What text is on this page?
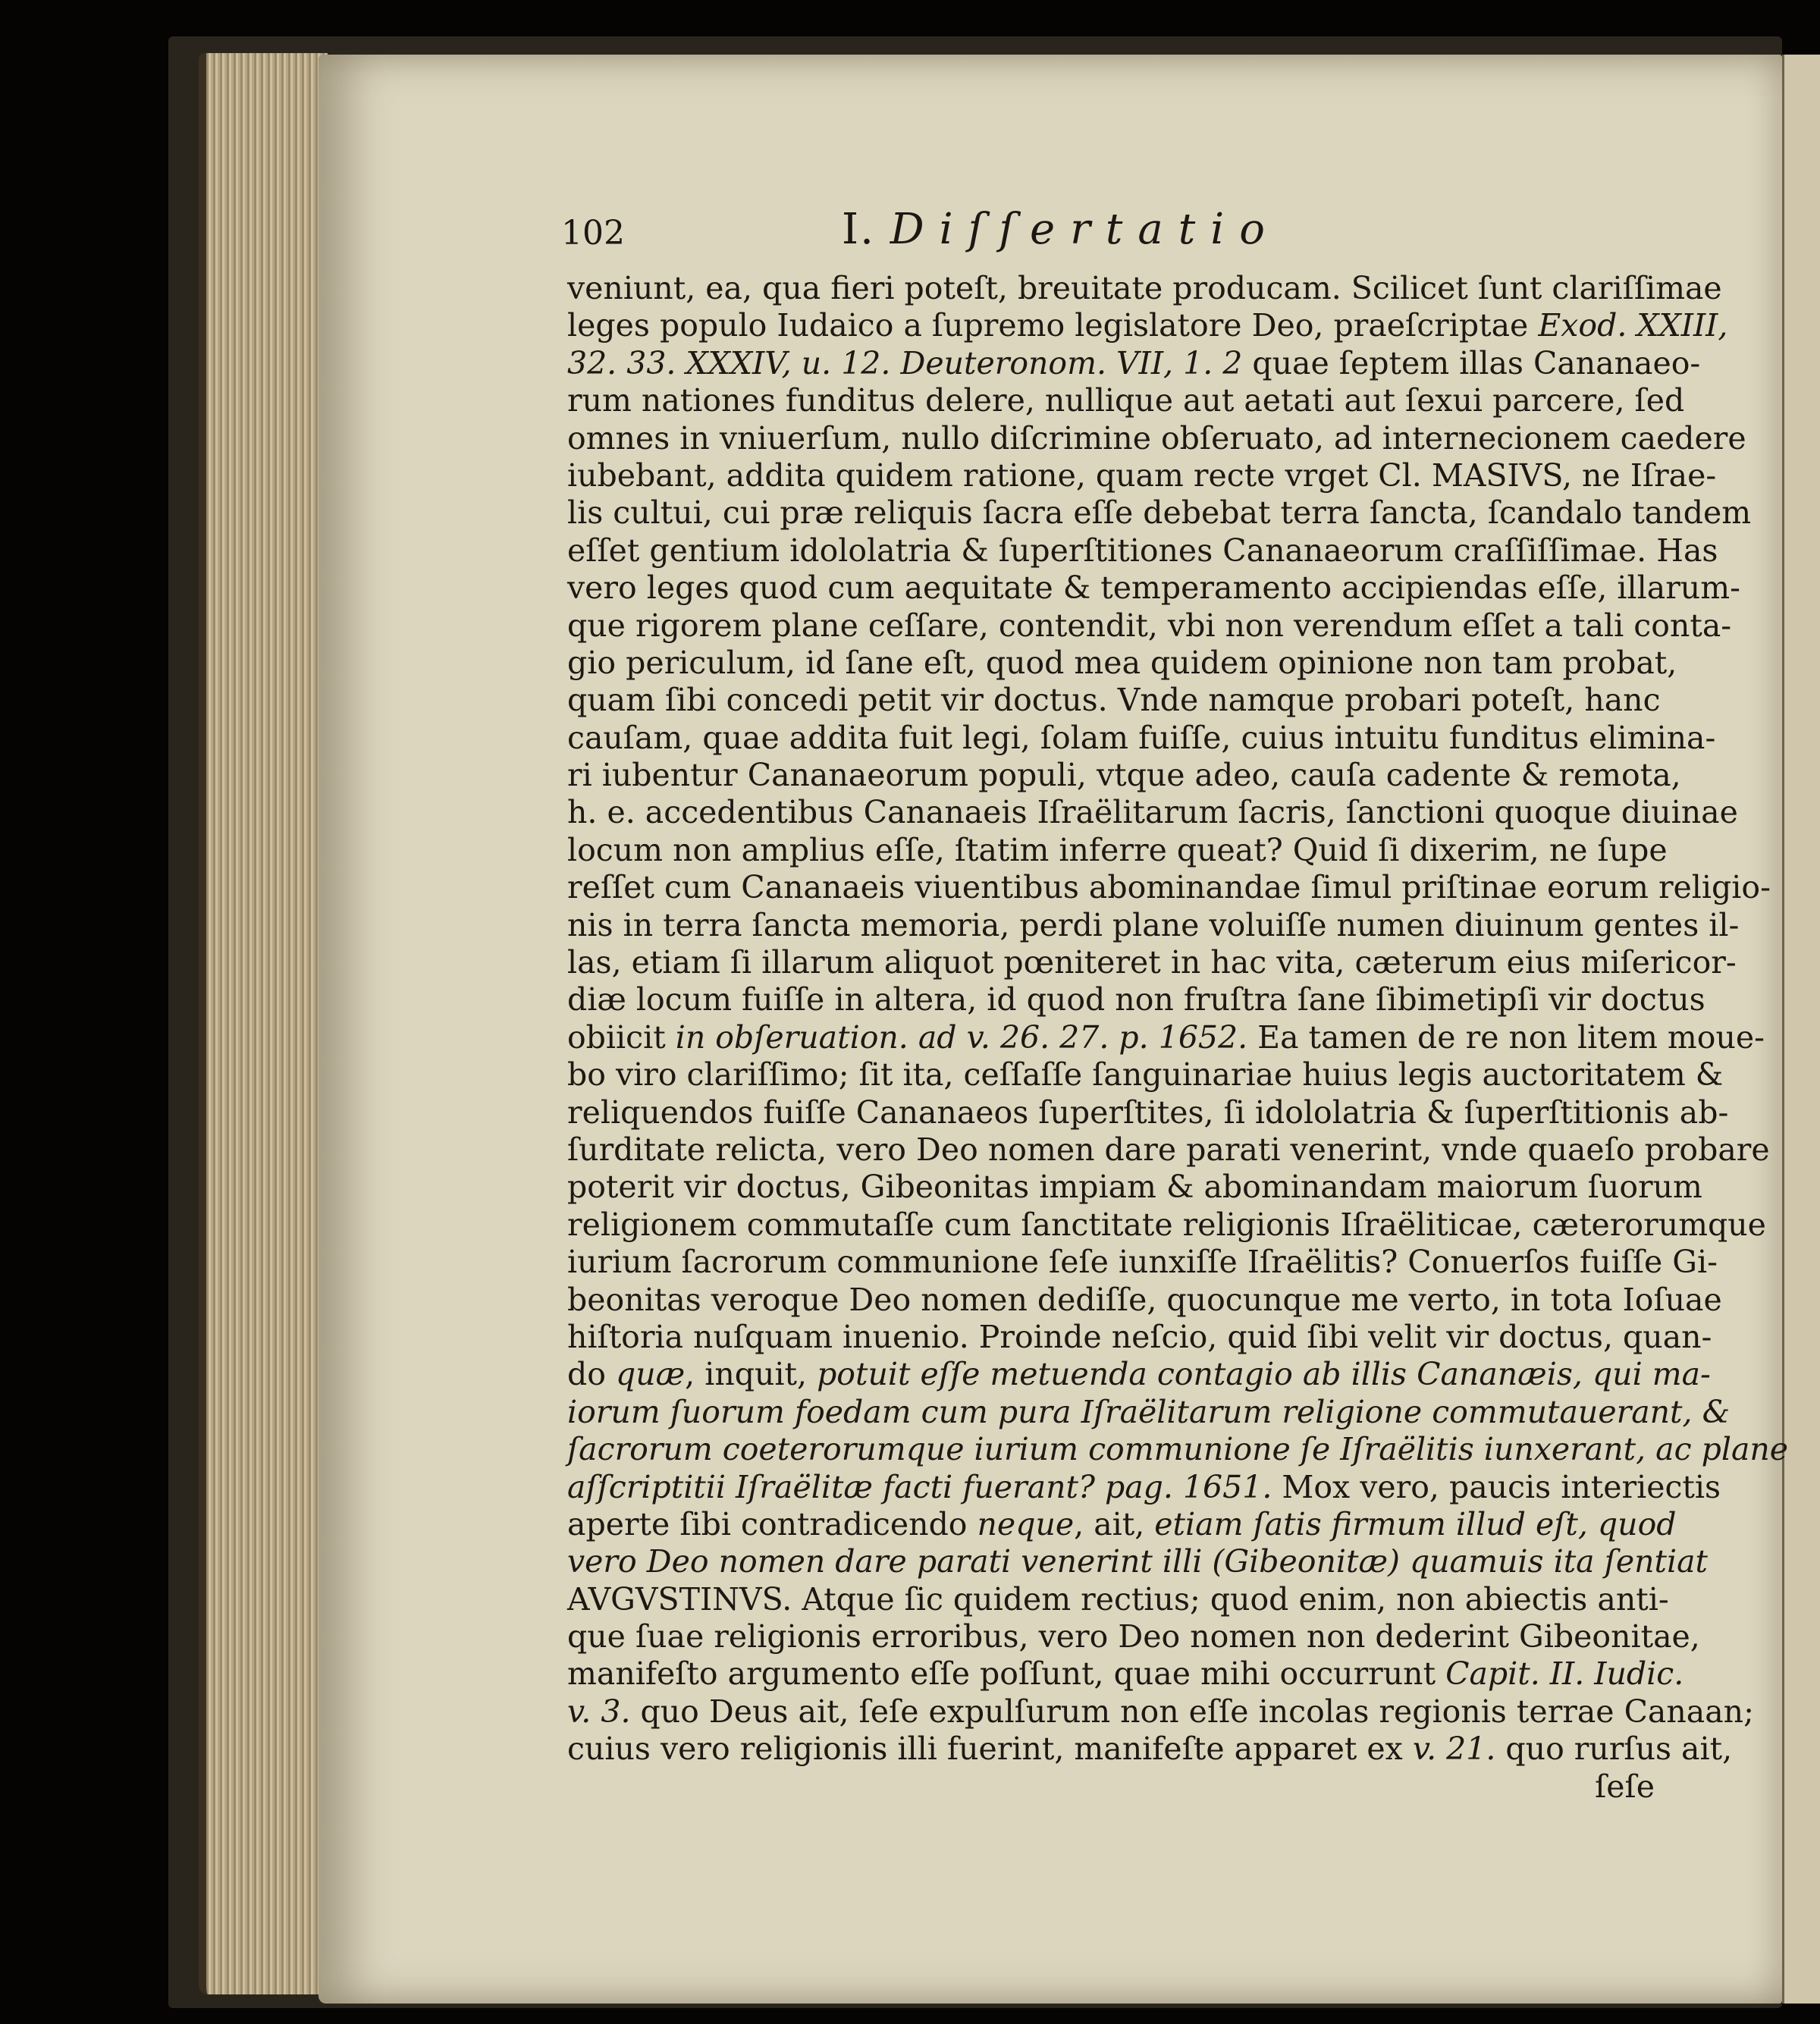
102	I. Diſſertatio
veniunt, ea, qua fieri poteſt, breuitate producam. Scilicet ſunt clariſſimae
leges populo Iudaico a ſupremo legislatore Deo, praeſcriptae Exod. XXIII,
32. 33. XXXIV, u. 12. Deuteronom. VII, 1. 2 quae ſeptem illas Cananaeo-
rum nationes funditus delere, nullique aut aetati aut ſexui parcere, ſed
omnes in vniuerſum, nullo diſcrimine obſeruato, ad internecionem caedere
iubebant, addita quidem ratione, quam recte vrget Cl. MASIVS, ne Iſrae-
lis cultui, cui præ reliquis ſacra eſſe debebat terra ſancta, ſcandalo tandem
eſſet gentium idololatria & ſuperſtitiones Cananaeorum craſſiſſimae. Has
vero leges quod cum aequitate & temperamento accipiendas eſſe, illarum-
que rigorem plane ceſſare, contendit, vbi non verendum eſſet a tali conta-
gio periculum, id ſane eſt, quod mea quidem opinione non tam probat,
quam ſibi concedi petit vir doctus. Vnde namque probari poteſt, hanc
cauſam, quae addita fuit legi, ſolam fuiſſe, cuius intuitu funditus elimina-
ri iubentur Cananaeorum populi, vtque adeo, cauſa cadente & remota,
h. e. accedentibus Cananaeis Iſraëlitarum ſacris, ſanctioni quoque diuinae
locum non amplius eſſe, ſtatim inferre queat? Quid ſi dixerim, ne ſupe
reſſet cum Cananaeis viuentibus abominandae ſimul priſtinae eorum religio-
nis in terra ſancta memoria, perdi plane voluiſſe numen diuinum gentes il-
las, etiam ſi illarum aliquot pœniteret in hac vita, cæterum eius miſericor-
diæ locum fuiſſe in altera, id quod non fruſtra ſane ſibimetipſi vir doctus
obiicit in obſeruation. ad v. 26. 27. p. 1652. Ea tamen de re non litem moue-
bo viro clariſſimo; ſit ita, ceſſaſſe ſanguinariae huius legis auctoritatem &
reliquendos fuiſſe Cananaeos ſuperſtites, ſi idololatria & ſuperſtitionis ab-
ſurditate relicta, vero Deo nomen dare parati venerint, vnde quaeſo probare
poterit vir doctus, Gibeonitas impiam & abominandam maiorum ſuorum
religionem commutaſſe cum ſanctitate religionis Iſraëliticae, cæterorumque
iurium ſacrorum communione ſeſe iunxiſſe Iſraëlitis? Conuerſos fuiſſe Gi-
beonitas veroque Deo nomen dediſſe, quocunque me verto, in tota Ioſuae
hiſtoria nuſquam inuenio. Proinde neſcio, quid ſibi velit vir doctus, quan-
do quæ, inquit, potuit eſſe metuenda contagio ab illis Cananæis, qui ma-
iorum ſuorum foedam cum pura Iſraëlitarum religione commutauerant, &
ſacrorum coeterorumque iurium communione ſe Iſraëlitis iunxerant, ac plane
aſſcriptitii Iſraëlitæ facti fuerant? pag. 1651. Mox vero, paucis interiectis
aperte ſibi contradicendo neque, ait, etiam ſatis firmum illud eſt, quod
vero Deo nomen dare parati venerint illi (Gibeonitæ) quamuis ita ſentiat
AVGVSTINVS. Atque ſic quidem rectius; quod enim, non abiectis anti-
que ſuae religionis erroribus, vero Deo nomen non dederint Gibeonitae,
manifeſto argumento eſſe poſſunt, quae mihi occurrunt Capit. II. Iudic.
v. 3. quo Deus ait, ſeſe expulſurum non eſſe incolas regionis terrae Canaan;
cuius vero religionis illi fuerint, manifeſte apparet ex v. 21. quo rurſus ait,
ſeſe
